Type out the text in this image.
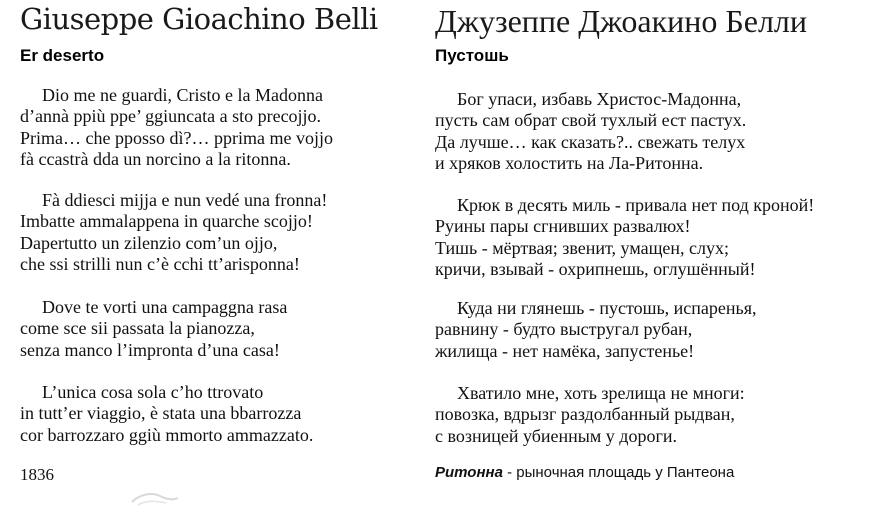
Giuseppe Gioachino Belli
Er deserto
Dio me ne guardi, Cristo e la Madonna
d’annà ppiù ppe’ ggiuncata a sto precojjo.
Prima… che pposso dì?… pprima me vojjo
fà ccastrà dda un norcino a la ritonna.
Fà ddiesci mijja e nun vedé una fronna!
Imbatte ammalappena in quarche scojjo!
Dapertutto un zilenzio com’un ojjo,
che ssi strilli nun c’è cchi tt’arisponna!
Dove te vorti una campaggna rasa
come sce sii passata la pianozza,
senza manco l’impronta d’una casa!
L’unica cosa sola c’ho ttrovato
in tutt’er viaggio, è stata una bbarrozza
cor barrozzaro ggiù mmorto ammazzato.
1836
Джузеппе Джоакино Белли
Пустошь
Бог упаси, избавь Христос-Мадонна,
пусть сам обрат свой тухлый ест пастух.
Да лучше… как сказать?.. свежать телух
и хряков холостить на Ла-Ритонна.
Крюк в десять миль - привала нет под кроной!
Руины пары сгнивших развалюх!
Тишь - мёртвая; звенит, умащен, слух;
кричи, взывай - охрипнешь, оглушённый!
Куда ни глянешь - пустошь, испаренья,
равнину - будто выстругал рубан,
жилища - нет намёка, запустенье!
Хватило мне, хоть зрелища не многи:
повозка, вдрызг раздолбанный рыдван,
с возницей убиенным у дороги.
Ритонна - рыночная площадь у Пантеона
